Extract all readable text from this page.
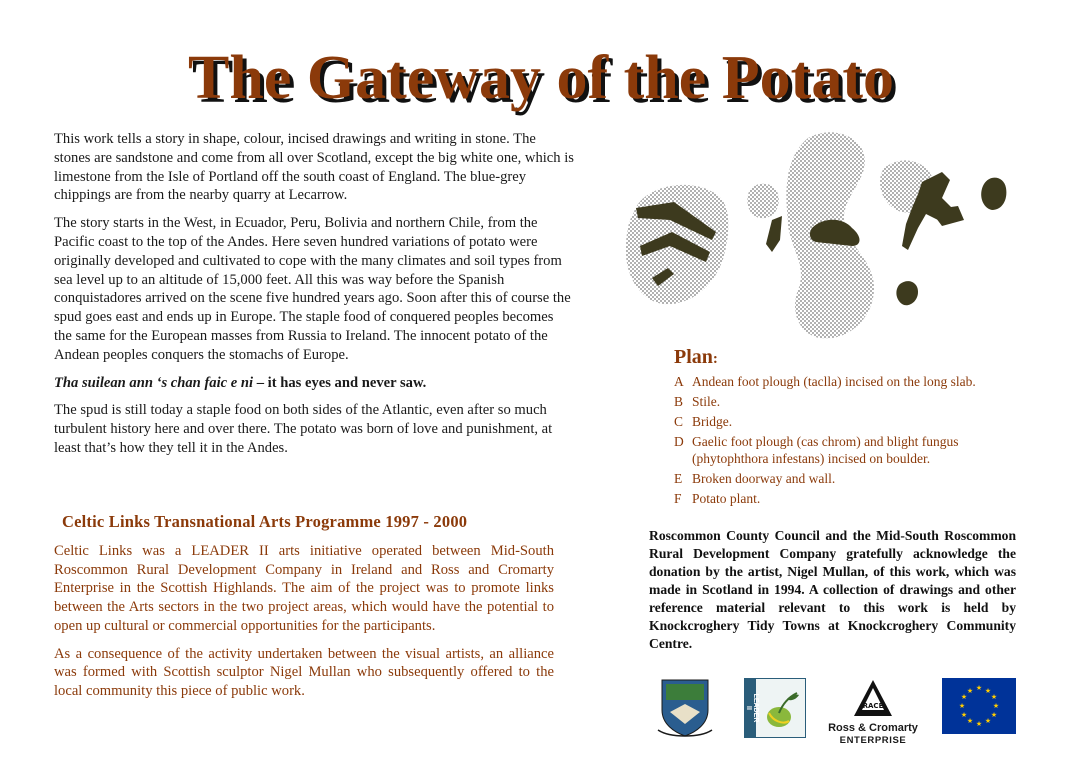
The Gateway of the Potato

This work tells a story in shape, colour, incised drawings and writing in stone. The stones are sandstone and come from all over Scotland, except the big white one, which is limestone from the Isle of Portland off the south coast of England. The blue-grey chippings are from the nearby quarry at Lecarrow.

The story starts in the West, in Ecuador, Peru, Bolivia and northern Chile, from the Pacific coast to the top of the Andes. Here seven hundred variations of potato were originally developed and cultivated to cope with the many climates and soil types from sea level up to an altitude of 15,000 feet. All this was way before the Spanish conquistadores arrived on the scene five hundred years ago. Soon after this of course the spud goes east and ends up in Europe. The staple food of conquered peoples becomes the same for the European masses from Russia to Ireland. The innocent potato of the Andean peoples conquers the stomachs of Europe.

Tha suilean ann ‘s chan faic e ni – it has eyes and never saw.

The spud is still today a staple food on both sides of the Atlantic, even after so much turbulent history here and over there. The potato was born of love and punishment, at least that’s how they tell it in the Andes.

Celtic Links Transnational Arts Programme 1997 - 2000

Celtic Links was a LEADER II arts initiative operated between Mid-South Roscommon Rural Development Company in Ireland and Ross and Cromarty Enterprise in the Scottish Highlands. The aim of the project was to promote links between the Arts sectors in the two project areas, which would have the potential to open up cultural or commercial opportunities for the participants.

As a consequence of the activity undertaken between the visual artists, an alliance was formed with Scottish sculptor Nigel Mullan who subsequently offered to the local community this piece of public work.

Plan:
A Andean foot plough (taclla) incised on the long slab.
B Stile.
C Bridge.
D Gaelic foot plough (cas chrom) and blight fungus (phytophthora infestans) incised on boulder.
E Broken doorway and wall.
F Potato plant.
Roscommon County Council and the Mid-South Roscommon Rural Development Company gratefully acknowledge the donation by the artist, Nigel Mullan, of this work, which was made in Scotland in 1994. A collection of drawings and other reference material relevant to this work is held by Knockcroghery Tidy Towns at Knockcroghery Community Centre.
LEADER II	RACE
Ross & Cromarty
ENTERPRISE
★ ★
★
★
★
★
★
★
★
★
★
★
